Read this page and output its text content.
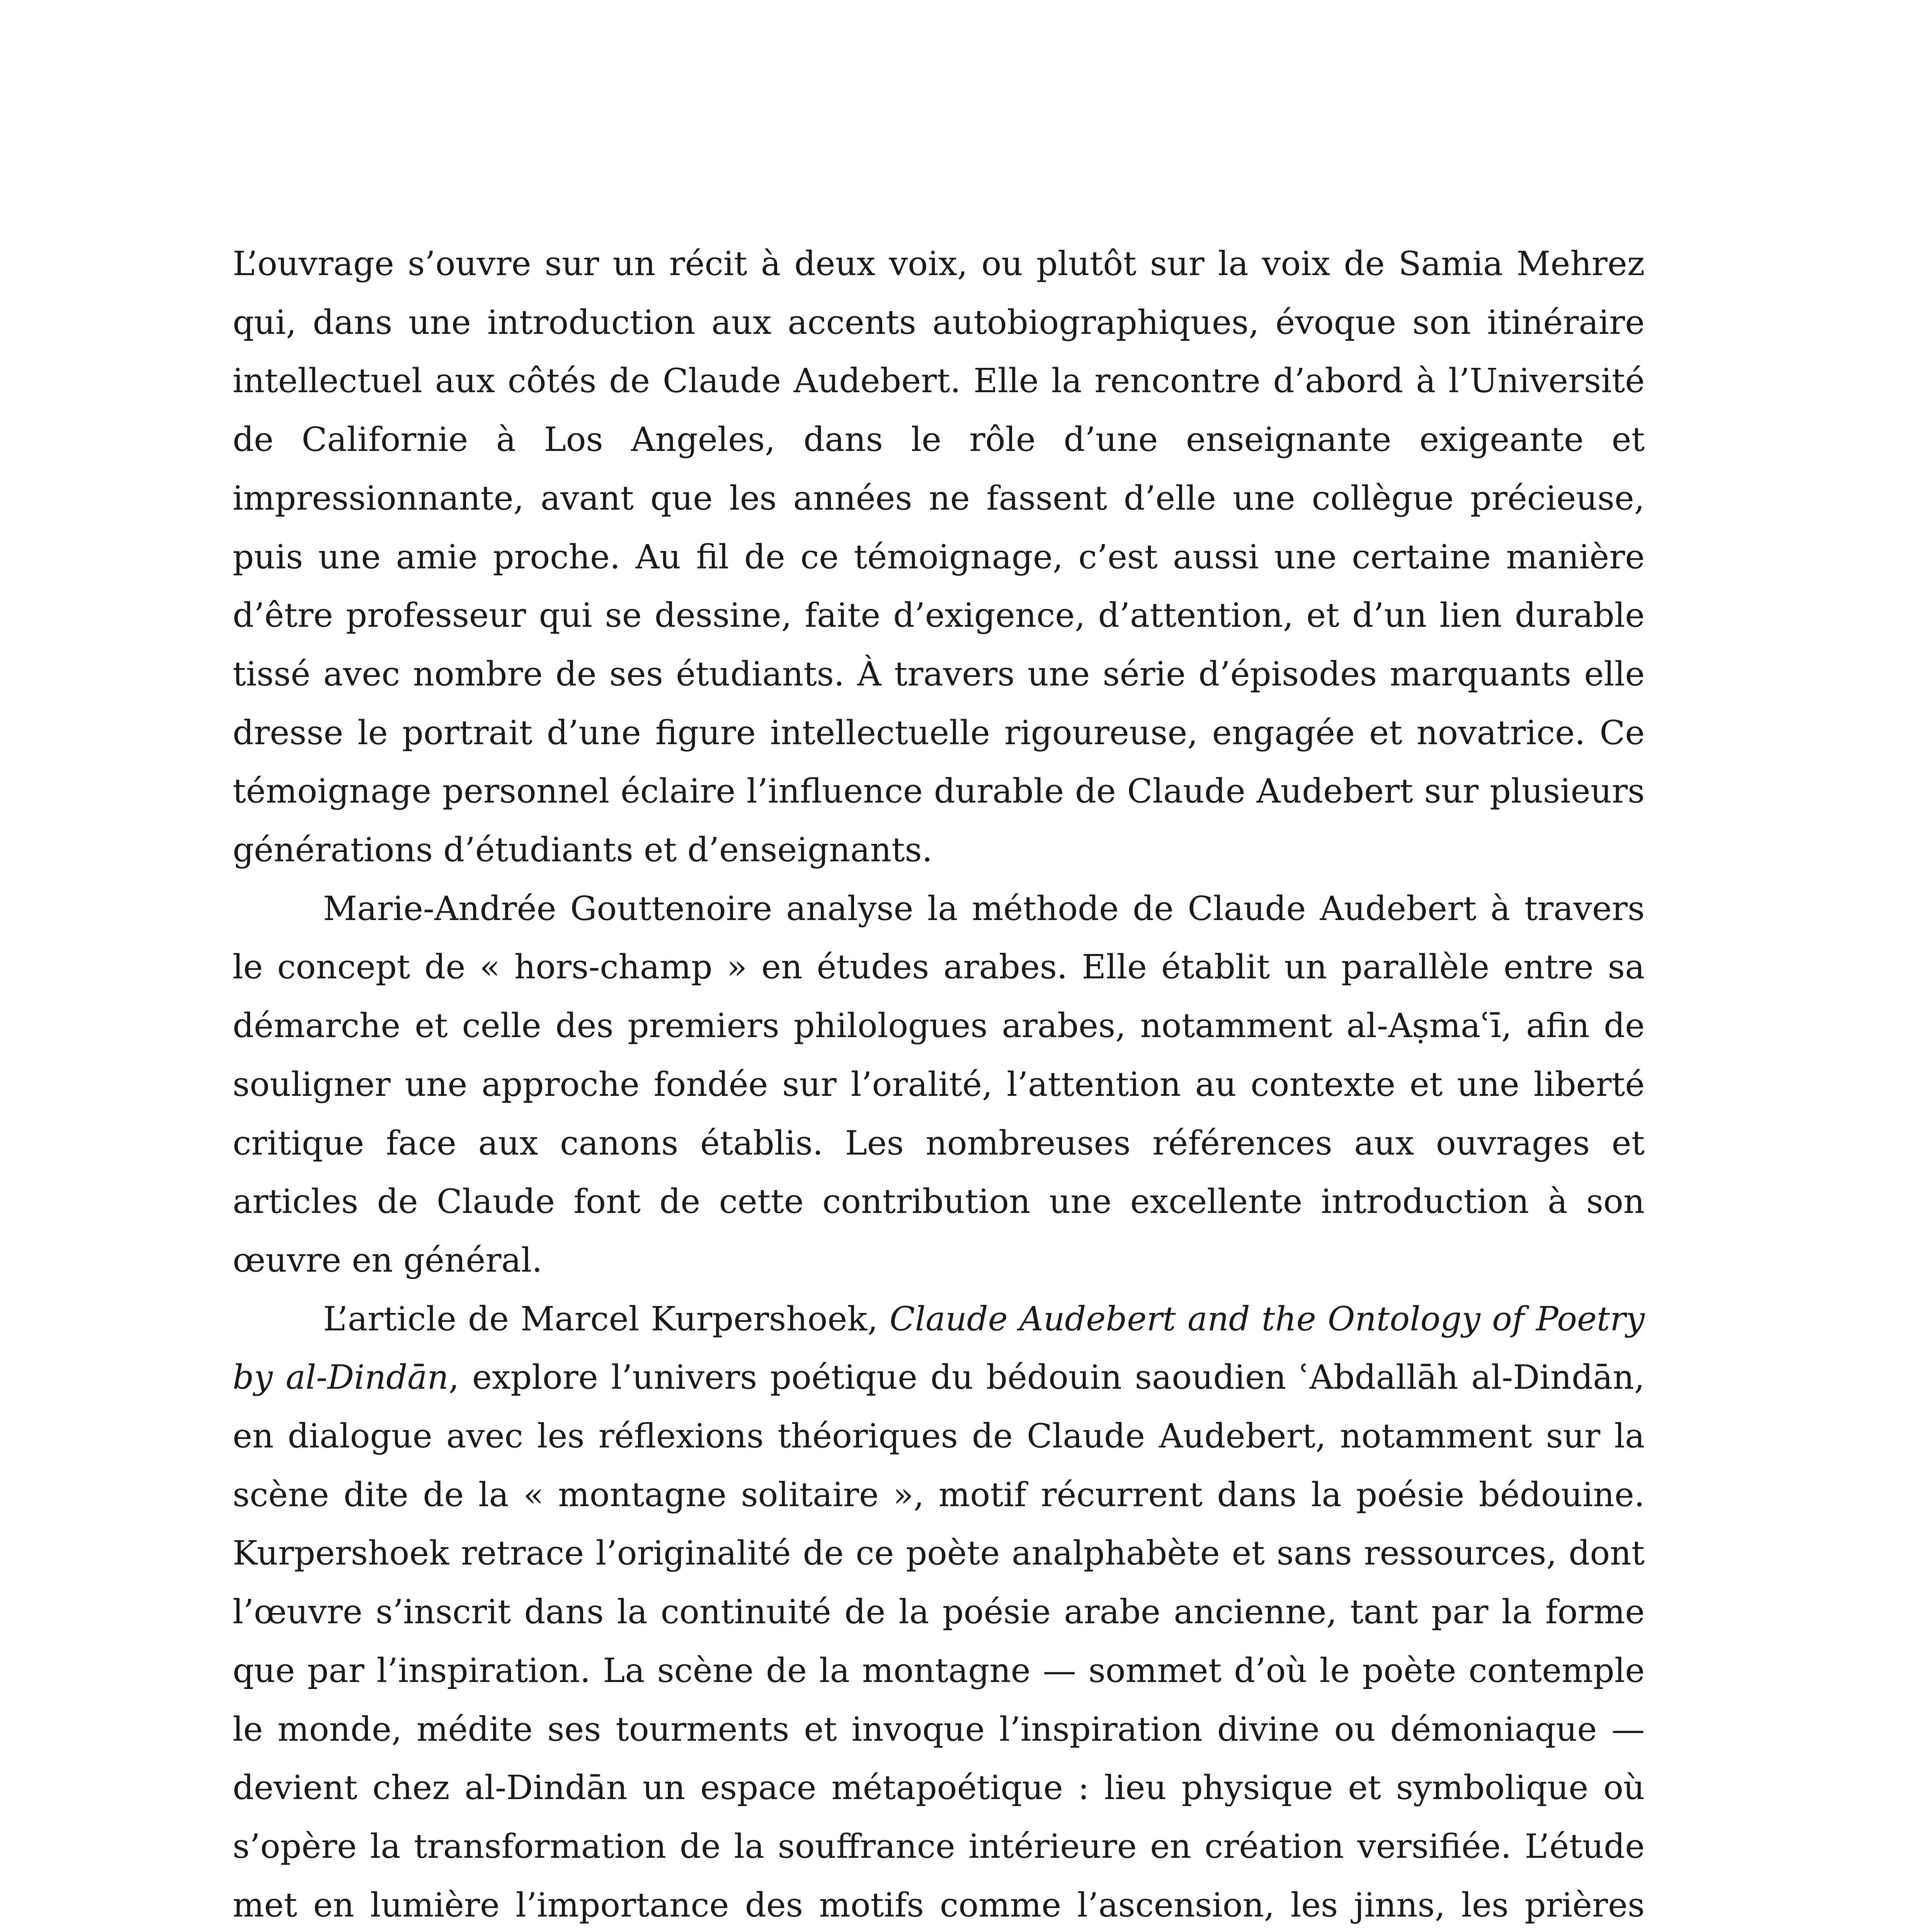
L’ouvrage s’ouvre sur un récit à deux voix, ou plutôt sur la voix de Samia Mehrez qui, dans une introduction aux accents autobiographiques, évoque son itinéraire intellectuel aux côtés de Claude Audebert. Elle la rencontre d’abord à l’Université de Californie à Los Angeles, dans le rôle d’une enseignante exigeante et impressionnante, avant que les années ne fassent d’elle une collègue précieuse, puis une amie proche. Au fil de ce témoignage, c’est aussi une certaine manière d’être professeur qui se dessine, faite d’exigence, d’attention, et d’un lien durable tissé avec nombre de ses étudiants. À travers une série d’épisodes marquants elle dresse le portrait d’une figure intellectuelle rigoureuse, engagée et novatrice. Ce témoignage personnel éclaire l’influence durable de Claude Audebert sur plusieurs générations d’étudiants et d’enseignants.

Marie-Andrée Gouttenoire analyse la méthode de Claude Audebert à travers le concept de « hors-champ » en études arabes. Elle établit un parallèle entre sa démarche et celle des premiers philologues arabes, notamment al-Aṣmaʿī, afin de souligner une approche fondée sur l’oralité, l’attention au contexte et une liberté critique face aux canons établis. Les nombreuses références aux ouvrages et articles de Claude font de cette contribution une excellente introduction à son œuvre en général.

L’article de Marcel Kurpershoek, Claude Audebert and the Ontology of Poetry by al-Dindān, explore l’univers poétique du bédouin saoudien ʿAbdallāh al-Dindān, en dialogue avec les réflexions théoriques de Claude Audebert, notamment sur la scène dite de la « montagne solitaire », motif récurrent dans la poésie bédouine. Kurpershoek retrace l’originalité de ce poète analphabète et sans ressources, dont l’œuvre s’inscrit dans la continuité de la poésie arabe ancienne, tant par la forme que par l’inspiration. La scène de la montagne — sommet d’où le poète contemple le monde, médite ses tourments et invoque l’inspiration divine ou démoniaque — devient chez al-Dindān un espace métapoétique : lieu physique et symbolique où s’opère la transformation de la souffrance intérieure en création versifiée. L’étude met en lumière l’importance des motifs comme l’ascension, les jinns, les prières
